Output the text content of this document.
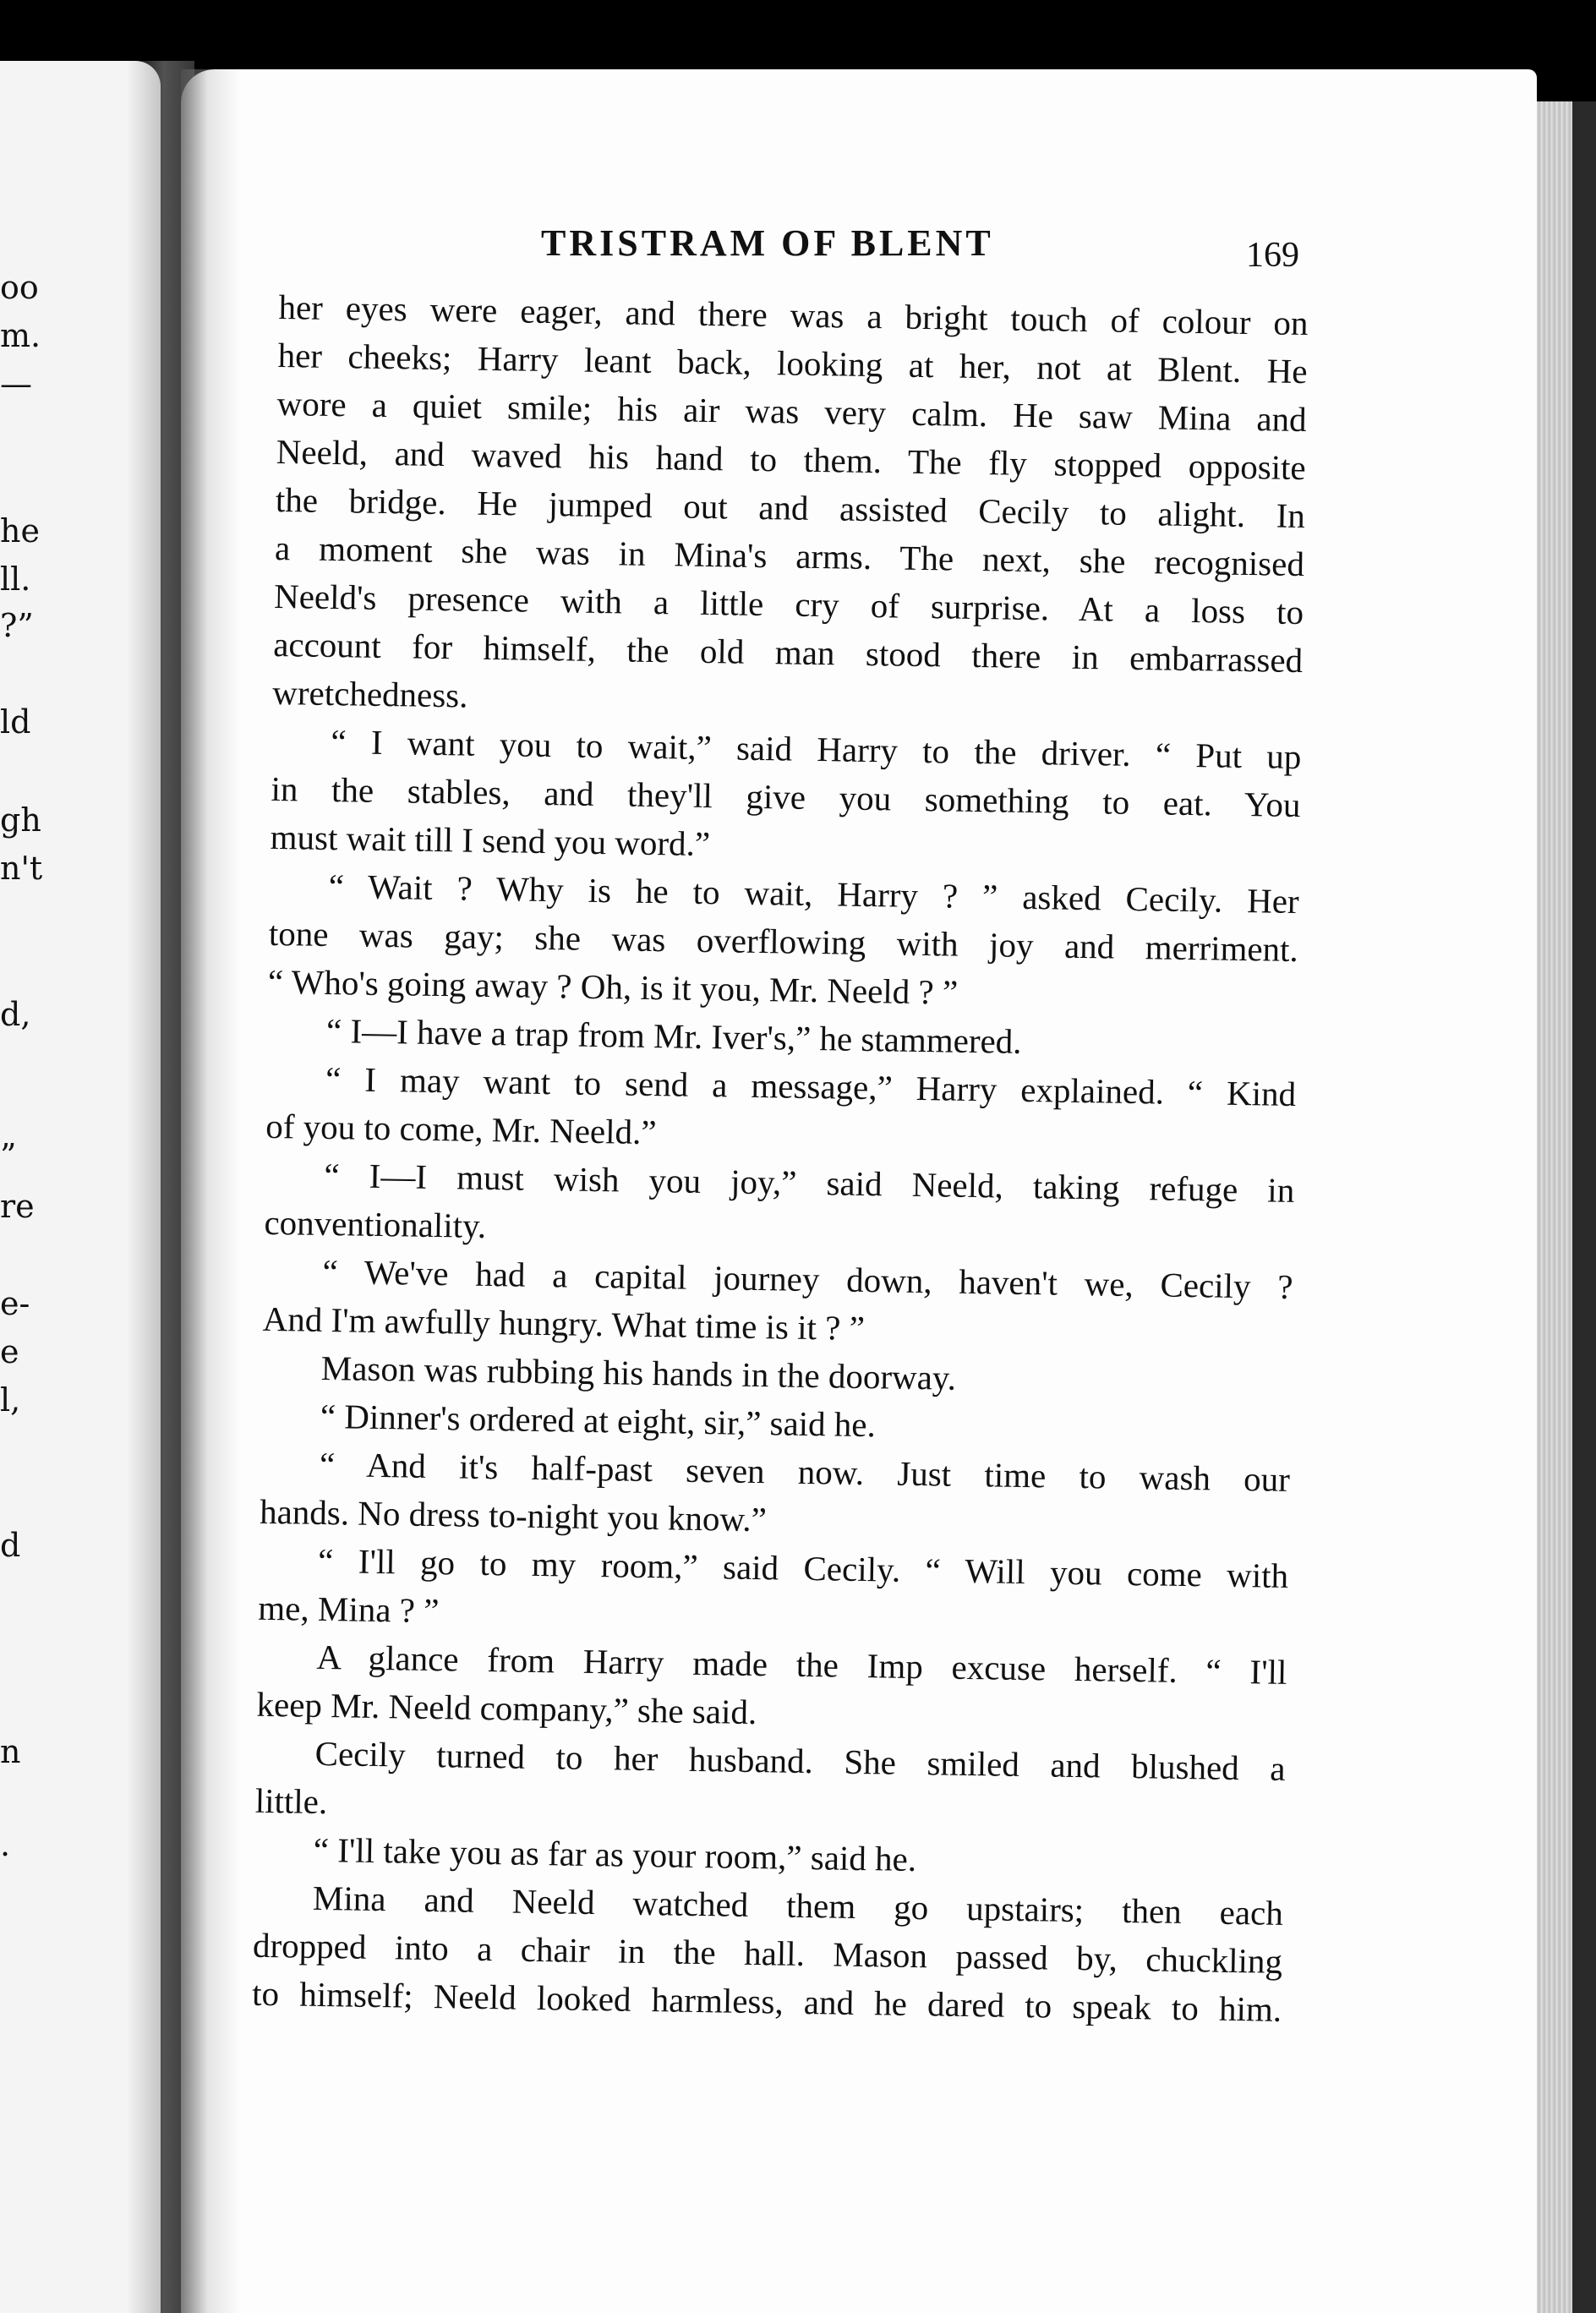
oo
m.
—
he
ll.
?”
ld
gh
n't
d,
”
re
e-
e
l,
d
n
.
TRISTRAM OF BLENT	169
her eyes were eager, and there was a bright touch of colour on
her cheeks; Harry leant back, looking at her, not at Blent. He
wore a quiet smile; his air was very calm. He saw Mina and
Neeld, and waved his hand to them. The fly stopped opposite
the bridge. He jumped out and assisted Cecily to alight. In
a moment she was in Mina's arms. The next, she recognised
Neeld's presence with a little cry of surprise. At a loss to
account for himself, the old man stood there in embarrassed
wretchedness.
“ I want you to wait,” said Harry to the driver. “ Put up
in the stables, and they'll give you something to eat. You
must wait till I send you word.”
“ Wait ? Why is he to wait, Harry ? ” asked Cecily. Her
tone was gay; she was overflowing with joy and merriment.
“ Who's going away ? Oh, is it you, Mr. Neeld ? ”
“ I—I have a trap from Mr. Iver's,” he stammered.
“ I may want to send a message,” Harry explained. “ Kind
of you to come, Mr. Neeld.”
“ I—I must wish you joy,” said Neeld, taking refuge in
conventionality.
“ We've had a capital journey down, haven't we, Cecily ?
And I'm awfully hungry. What time is it ? ”
Mason was rubbing his hands in the doorway.
“ Dinner's ordered at eight, sir,” said he.
“ And it's half-past seven now. Just time to wash our
hands. No dress to-night you know.”
“ I'll go to my room,” said Cecily. “ Will you come with
me, Mina ? ”
A glance from Harry made the Imp excuse herself. “ I'll
keep Mr. Neeld company,” she said.
Cecily turned to her husband. She smiled and blushed a
little.
“ I'll take you as far as your room,” said he.
Mina and Neeld watched them go upstairs; then each
dropped into a chair in the hall. Mason passed by, chuckling
to himself; Neeld looked harmless, and he dared to speak to him.
